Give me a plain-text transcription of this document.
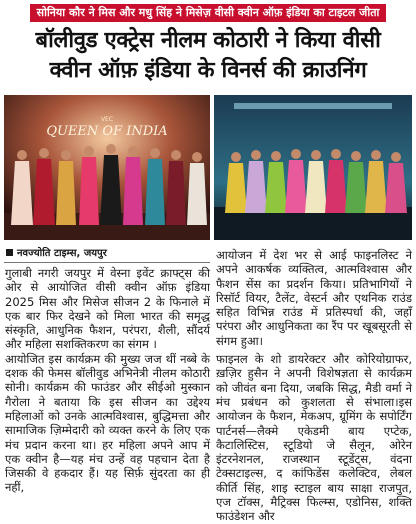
सोनिया कौर ने मिस और मधु सिंह ने मिसेज़ वीसी क्वीन ऑफ़ इंडिया का टाइटल जीता
बॉलीवुड एक्ट्रेस नीलम कोठारी ने किया वीसी
क्वीन ऑफ़ इंडिया के विनर्स की क्राउनिंग
VEC
QUEEN OF INDIA
नवज्योति टाइम्स, जयपुर

गुलाबी नगरी जयपुर में वेस्ना इवेंट क्राफ्ट्स की ओर से आयोजित वीसी क्वीन ऑफ़ इंडिया 2025 मिस और मिसेज सीजन 2 के फिनाले में एक बार फिर देखने को मिला भारत की समृद्ध संस्कृति, आधुनिक फैशन, परंपरा, शैली, सौंदर्य और महिला सशक्तिकरण का संगम ।

आयोजित इस कार्यक्रम की मुख्य जज थीं नब्बे के दशक की फेमस बॉलीवुड अभिनेत्री नीलम कोठारी सोनी। कार्यक्रम की फाउंडर और सीईओ मुस्कान गैरोला ने बताया कि इस सीजन का उद्देश्य महिलाओं को उनके आत्मविश्वास, बुद्धिमत्ता और सामाजिक ज़िम्मेदारी को व्यक्त करने के लिए एक मंच प्रदान करना था। हर महिला अपने आप में एक क्वीन है—यह मंच उन्हें वह पहचान देता है जिसकी वे हकदार हैं। यह सिर्फ़ सुंदरता का ही नहीं,

आयोजन में देश भर से आई फाइनलिस्ट ने अपने आकर्षक व्यक्तित्व, आत्मविश्वास और फैशन सेंस का प्रदर्शन किया। प्रतिभागियों ने रिसॉर्ट वियर, टैलेंट, वेस्टर्न और एथनिक राउंड सहित विभिन्न राउंड में प्रतिस्पर्धा की, जहाँ परंपरा और आधुनिकता का रैंप पर खूबसूरती से संगम हुआ।

फाइनल के शो डायरेक्टर और कोरियोग्राफर, ख़ज़िर हुसैन ने अपनी विशेषज्ञता से कार्यक्रम को जीवंत बना दिया, जबकि सिद्ध, मैडी वर्मा ने मंच प्रबंधन को कुशलता से संभाला।इस आयोजन के फैशन, मेकअप, ग्रूमिंग के सपोर्टिंग पार्टनर्स—लैक्मे एकेडमी बाय एप्टेक, कैटालिस्टिस, स्टूडियो जे सैलून, ओरेन इंटरनेशनल, राजस्थान स्टूडेंट्स, वंदना टेक्सटाइल्स, द कांफिडेंस कलेक्टिव, लेबल कीर्ति सिंह, शाइ स्टाइल बाय साक्षा राजपुत, एज टॉक्स, मैट्रिक्स फिल्म्स, एडोनिस, शक्ति फाउंडेशन और
